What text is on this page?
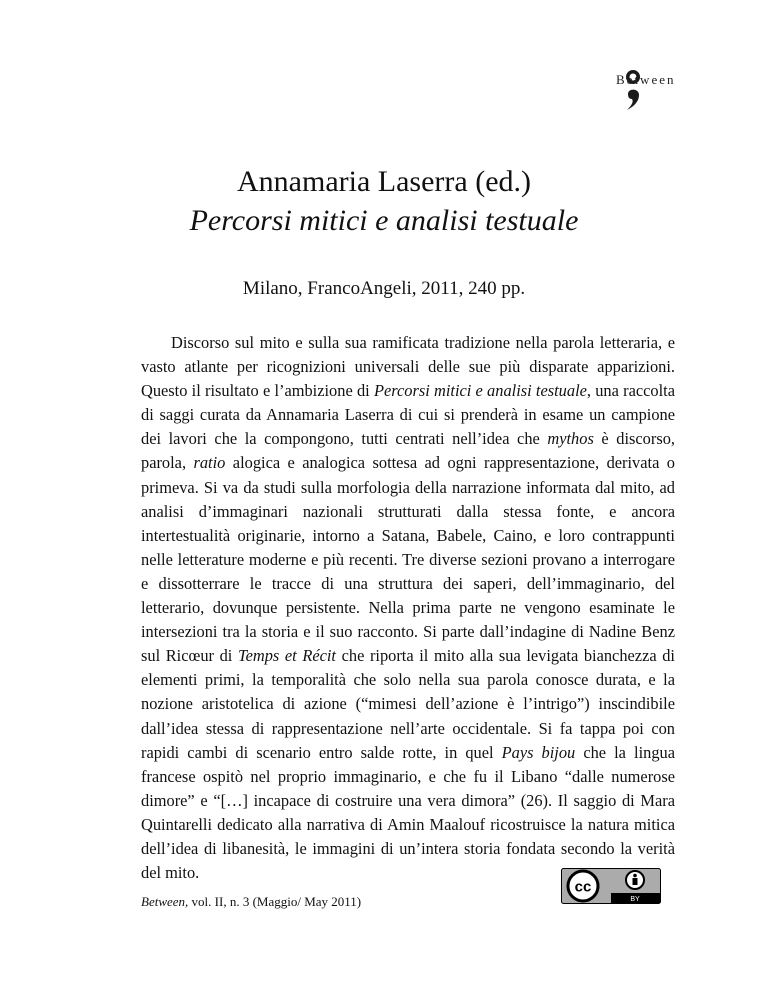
Between
Annamaria Laserra (ed.)
Percorsi mitici e analisi testuale
Milano, FrancoAngeli, 2011, 240 pp.

Discorso sul mito e sulla sua ramificata tradizione nella parola letteraria, e vasto atlante per ricognizioni universali delle sue più disparate apparizioni. Questo il risultato e l’ambizione di Percorsi mitici e analisi testuale, una raccolta di saggi curata da Annamaria Laserra di cui si prenderà in esame un campione dei lavori che la compongono, tutti centrati nell’idea che mythos è discorso, parola, ratio alogica e analogica sottesa ad ogni rappresentazione, derivata o primeva. Si va da studi sulla morfologia della narrazione informata dal mito, ad analisi d’immaginari nazionali strutturati dalla stessa fonte, e ancora intertestualità originarie, intorno a Satana, Babele, Caino, e loro contrappunti nelle letterature moderne e più recenti. Tre diverse sezioni provano a interrogare e dissotterrare le tracce di una struttura dei saperi, dell’immaginario, del letterario, dovunque persistente. Nella prima parte ne vengono esaminate le intersezioni tra la storia e il suo racconto. Si parte dall’indagine di Nadine Benz sul Ricœur di Temps et Récit che riporta il mito alla sua levigata bianchezza di elementi primi, la temporalità che solo nella sua parola conosce durata, e la nozione aristotelica di azione (“mimesi dell’azione è l’intrigo”) inscindibile dall’idea stessa di rappresentazione nell’arte occidentale. Si fa tappa poi con rapidi cambi di scenario entro salde rotte, in quel Pays bijou che la lingua francese ospitò nel proprio immaginario, e che fu il Libano “dalle numerose dimore” e “[…] incapace di costruire una vera dimora” (26). Il saggio di Mara Quintarelli dedicato alla narrativa di Amin Maalouf ricostruisce la natura mitica dell’idea di libanesità, le immagini di un’intera storia fondata secondo la verità del mito.

Between, vol. II, n. 3 (Maggio/ May 2011)
cc
BY
